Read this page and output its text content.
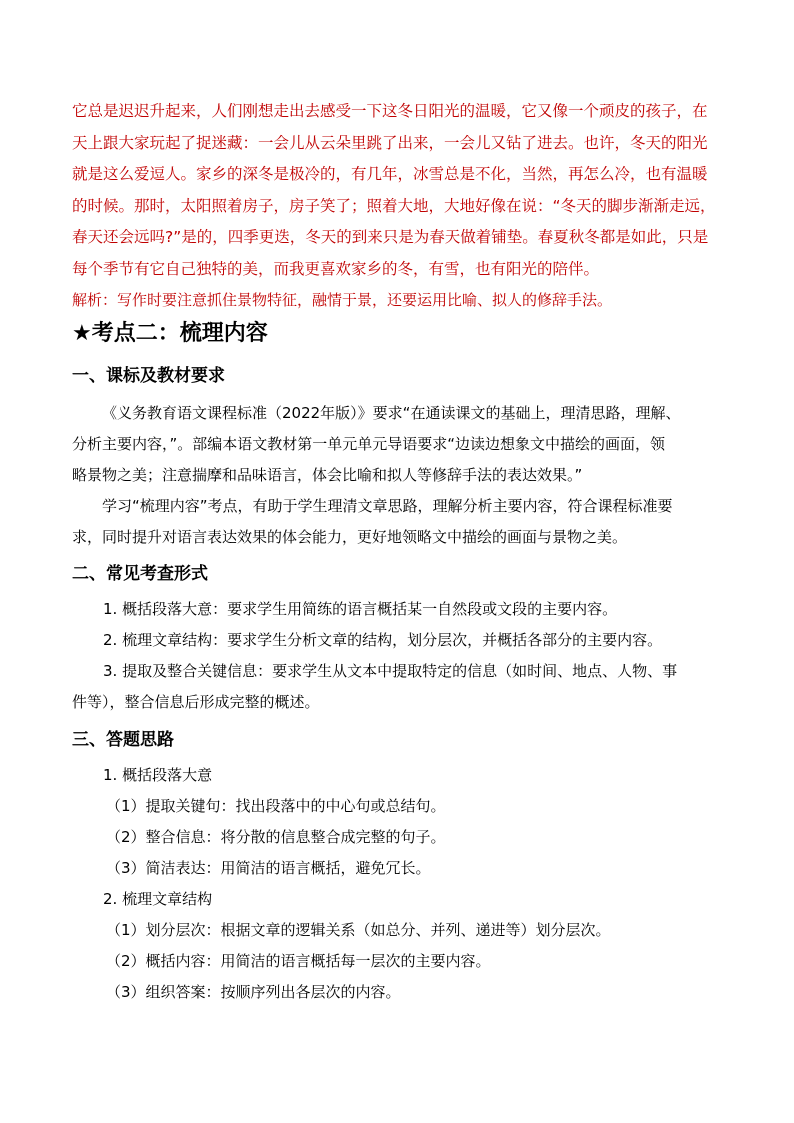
它总是迟迟升起来，人们刚想走出去感受一下这冬日阳光的温暖，它又像一个顽皮的孩子，在
天上跟大家玩起了捉迷藏：一会儿从云朵里跳了出来，一会儿又钻了进去。也许，冬天的阳光
就是这么爱逗人。家乡的深冬是极冷的，有几年，冰雪总是不化，当然，再怎么冷，也有温暖
的时候。那时，太阳照着房子，房子笑了；照着大地，大地好像在说：“冬天的脚步渐渐走远，
春天还会远吗?”是的，四季更迭，冬天的到来只是为春天做着铺垫。春夏秋冬都是如此，只是
每个季节有它自己独特的美，而我更喜欢家乡的冬，有雪，也有阳光的陪伴。
解析：写作时要注意抓住景物特征，融情于景，还要运用比喻、拟人的修辞手法。
★考点二：梳理内容
一、课标及教材要求
《义务教育语文课程标准（2022年版）》要求“在通读课文的基础上，理清思路，理解、
分析主要内容，”。部编本语文教材第一单元单元导语要求“边读边想象文中描绘的画面，领
略景物之美；注意揣摩和品味语言，体会比喻和拟人等修辞手法的表达效果。”
学习“梳理内容”考点，有助于学生理清文章思路，理解分析主要内容，符合课程标准要
求，同时提升对语言表达效果的体会能力，更好地领略文中描绘的画面与景物之美。
二、常见考查形式
1. 概括段落大意：要求学生用简练的语言概括某一自然段或文段的主要内容。
2. 梳理文章结构：要求学生分析文章的结构，划分层次，并概括各部分的主要内容。
3. 提取及整合关键信息：要求学生从文本中提取特定的信息（如时间、地点、人物、事
件等），整合信息后形成完整的概述。
三、答题思路
1. 概括段落大意
（1）提取关键句：找出段落中的中心句或总结句。
（2）整合信息：将分散的信息整合成完整的句子。
（3）简洁表达：用简洁的语言概括，避免冗长。
2. 梳理文章结构
（1）划分层次：根据文章的逻辑关系（如总分、并列、递进等）划分层次。
（2）概括内容：用简洁的语言概括每一层次的主要内容。
（3）组织答案：按顺序列出各层次的内容。
